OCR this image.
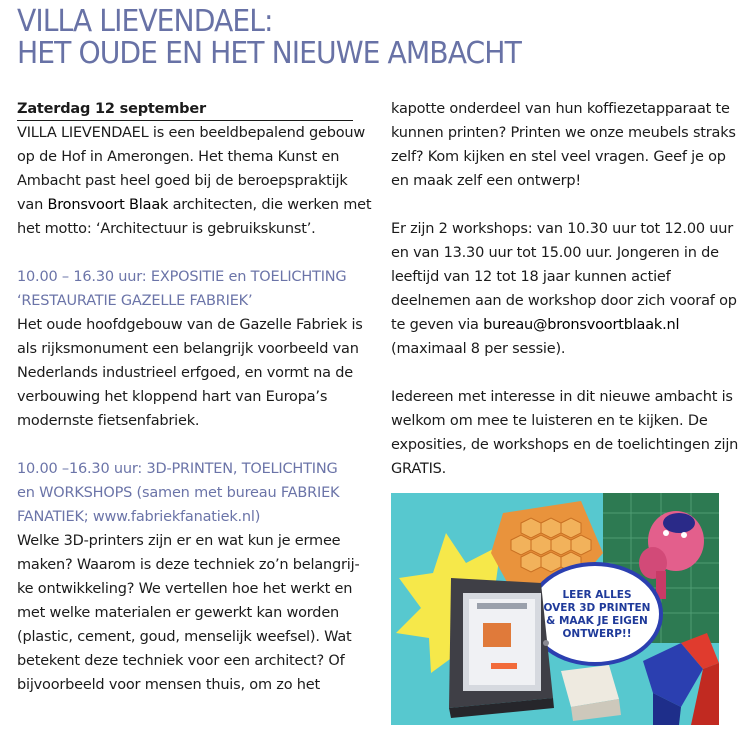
VILLA LIEVENDAEL:
HET OUDE EN HET NIEUWE AMBACHT
Zaterdag 12 september
VILLA LIEVENDAEL is een beeldbepalend gebouw
op de Hof in Amerongen. Het thema Kunst en
Ambacht past heel goed bij de beroepspraktijk
van Bronsvoort Blaak architecten, die werken met
het motto: ‘Architectuur is gebruikskunst’.
10.00 – 16.30 uur: EXPOSITIE en TOELICHTING
‘RESTAURATIE GAZELLE FABRIEK’
Het oude hoofdgebouw van de Gazelle Fabriek is
als rijksmonument een belangrijk voorbeeld van
Nederlands industrieel erfgoed, en vormt na de
verbouwing het kloppend hart van Europa’s
modernste fietsenfabriek.
10.00 –16.30 uur: 3D-PRINTEN, TOELICHTING
en WORKSHOPS (samen met bureau FABRIEK
FANATIEK; www.fabriekfanatiek.nl)
Welke 3D-printers zijn er en wat kun je ermee
maken? Waarom is deze techniek zo’n belangrij-
ke ontwikkeling? We vertellen hoe het werkt en
met welke materialen er gewerkt kan worden
(plastic, cement, goud, menselijk weefsel). Wat
betekent deze techniek voor een architect? Of
bijvoorbeeld voor mensen thuis, om zo het
kapotte onderdeel van hun koffiezetapparaat te
kunnen printen? Printen we onze meubels straks
zelf? Kom kijken en stel veel vragen. Geef je op
en maak zelf een ontwerp!
Er zijn 2 workshops: van 10.30 uur tot 12.00 uur
en van 13.30 uur tot 15.00 uur. Jongeren in de
leeftijd van 12 tot 18 jaar kunnen actief
deelnemen aan de workshop door zich vooraf op
te geven via bureau@bronsvoortblaak.nl
(maximaal 8 per sessie).
Iedereen met interesse in dit nieuwe ambacht is
welkom om mee te luisteren en te kijken. De
exposities, de workshops en de toelichtingen zijn
GRATIS.
LEER ALLES
OVER 3D PRINTEN
& MAAK JE EIGEN
ONTWERP!!
